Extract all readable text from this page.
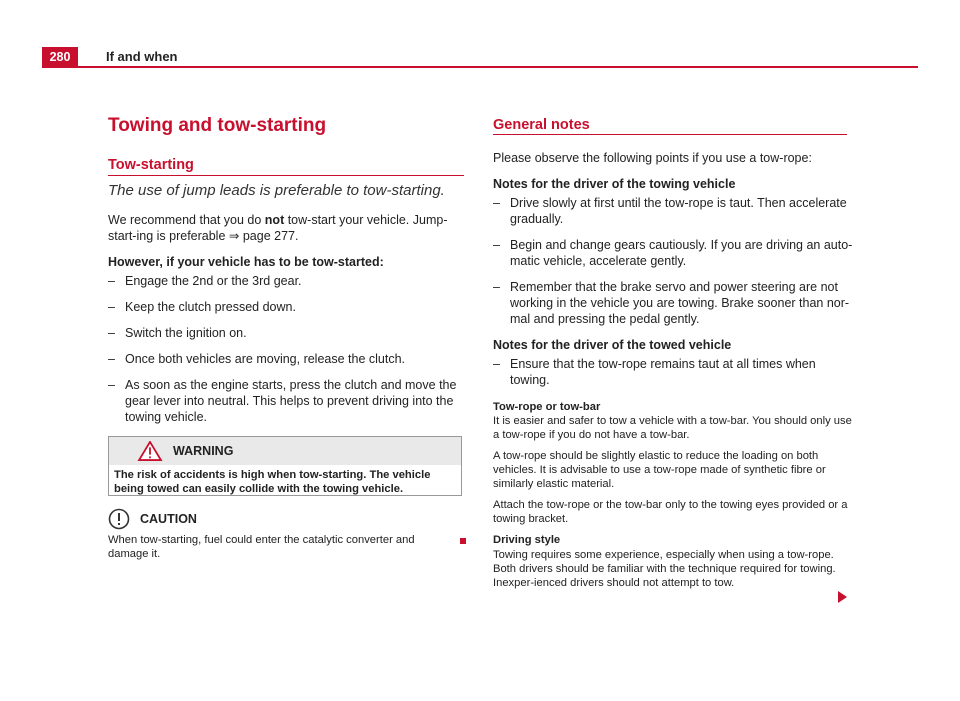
280	If and when
Towing and tow-starting
Tow-starting
The use of jump leads is preferable to tow-starting.

We recommend that you do not tow-start your vehicle. Jump-start-ing is preferable ⇒ page 277.

However, if your vehicle has to be tow-started:

– Engage the 2nd or the 3rd gear.
– Keep the clutch pressed down.
– Switch the ignition on.
– Once both vehicles are moving, release the clutch.
– As soon as the engine starts, press the clutch and move the gear lever into neutral. This helps to prevent driving into the towing vehicle.
WARNING
The risk of accidents is high when tow-starting. The vehicle being towed can easily collide with the towing vehicle.
CAUTION
When tow-starting, fuel could enter the catalytic converter and damage it.
General notes

Please observe the following points if you use a tow-rope:

Notes for the driver of the towing vehicle

– Drive slowly at first until the tow-rope is taut. Then accelerate gradually.
– Begin and change gears cautiously. If you are driving an auto-matic vehicle, accelerate gently.
– Remember that the brake servo and power steering are not working in the vehicle you are towing. Brake sooner than nor-mal and pressing the pedal gently.

Notes for the driver of the towed vehicle

– Ensure that the tow-rope remains taut at all times when towing.

Tow-rope or tow-bar

It is easier and safer to tow a vehicle with a tow-bar. You should only use a tow-rope if you do not have a tow-bar.

A tow-rope should be slightly elastic to reduce the loading on both vehicles. It is advisable to use a tow-rope made of synthetic fibre or similarly elastic material.

Attach the tow-rope or the tow-bar only to the towing eyes provided or a towing bracket.

Driving style

Towing requires some experience, especially when using a tow-rope. Both drivers should be familiar with the technique required for towing. Inexper-ienced drivers should not attempt to tow.
